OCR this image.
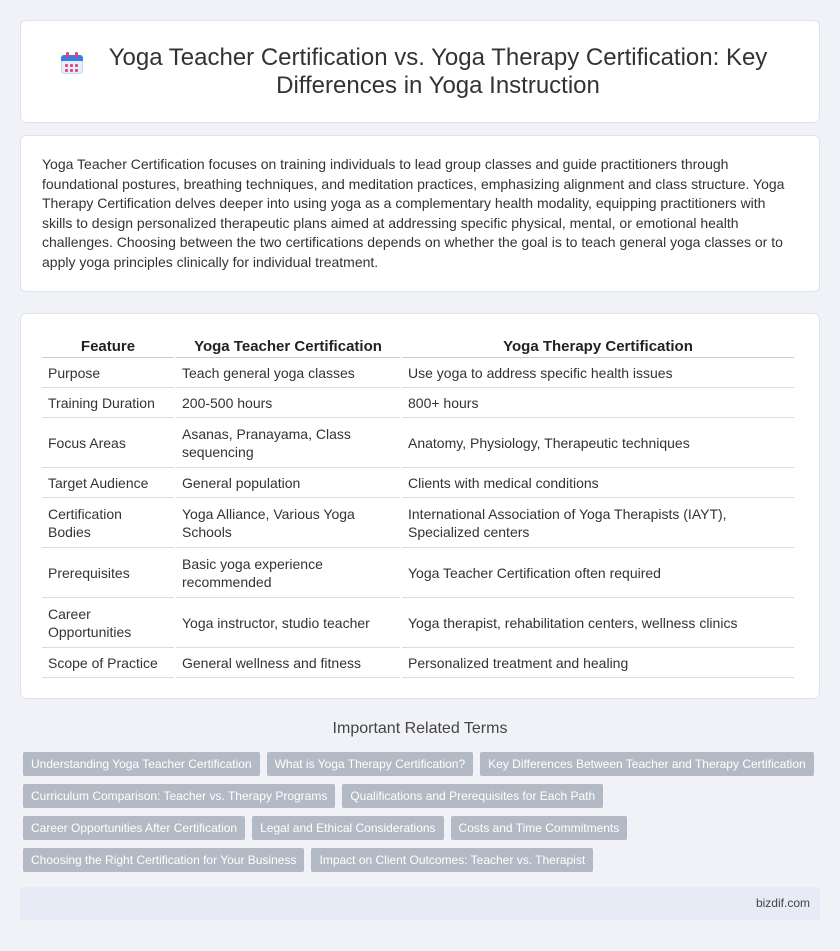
Yoga Teacher Certification vs. Yoga Therapy Certification: Key Differences in Yoga Instruction

Yoga Teacher Certification focuses on training individuals to lead group classes and guide practitioners through foundational postures, breathing techniques, and meditation practices, emphasizing alignment and class structure. Yoga Therapy Certification delves deeper into using yoga as a complementary health modality, equipping practitioners with skills to design personalized therapeutic plans aimed at addressing specific physical, mental, or emotional health challenges. Choosing between the two certifications depends on whether the goal is to teach general yoga classes or to apply yoga principles clinically for individual treatment.

Feature	Yoga Teacher Certification	Yoga Therapy Certification
Purpose	Teach general yoga classes	Use yoga to address specific health issues
Training Duration	200-500 hours	800+ hours
Focus Areas	Asanas, Pranayama, Class sequencing	Anatomy, Physiology, Therapeutic techniques
Target Audience	General population	Clients with medical conditions
Certification Bodies	Yoga Alliance, Various Yoga Schools	International Association of Yoga Therapists (IAYT), Specialized centers
Prerequisites	Basic yoga experience recommended	Yoga Teacher Certification often required
Career Opportunities	Yoga instructor, studio teacher	Yoga therapist, rehabilitation centers, wellness clinics
Scope of Practice	General wellness and fitness	Personalized treatment and healing
Important Related Terms
Understanding Yoga Teacher Certification	What is Yoga Therapy Certification?	Key Differences Between Teacher and Therapy Certification
Curriculum Comparison: Teacher vs. Therapy Programs	Qualifications and Prerequisites for Each Path
Career Opportunities After Certification	Legal and Ethical Considerations	Costs and Time Commitments
Choosing the Right Certification for Your Business	Impact on Client Outcomes: Teacher vs. Therapist
bizdif.com
